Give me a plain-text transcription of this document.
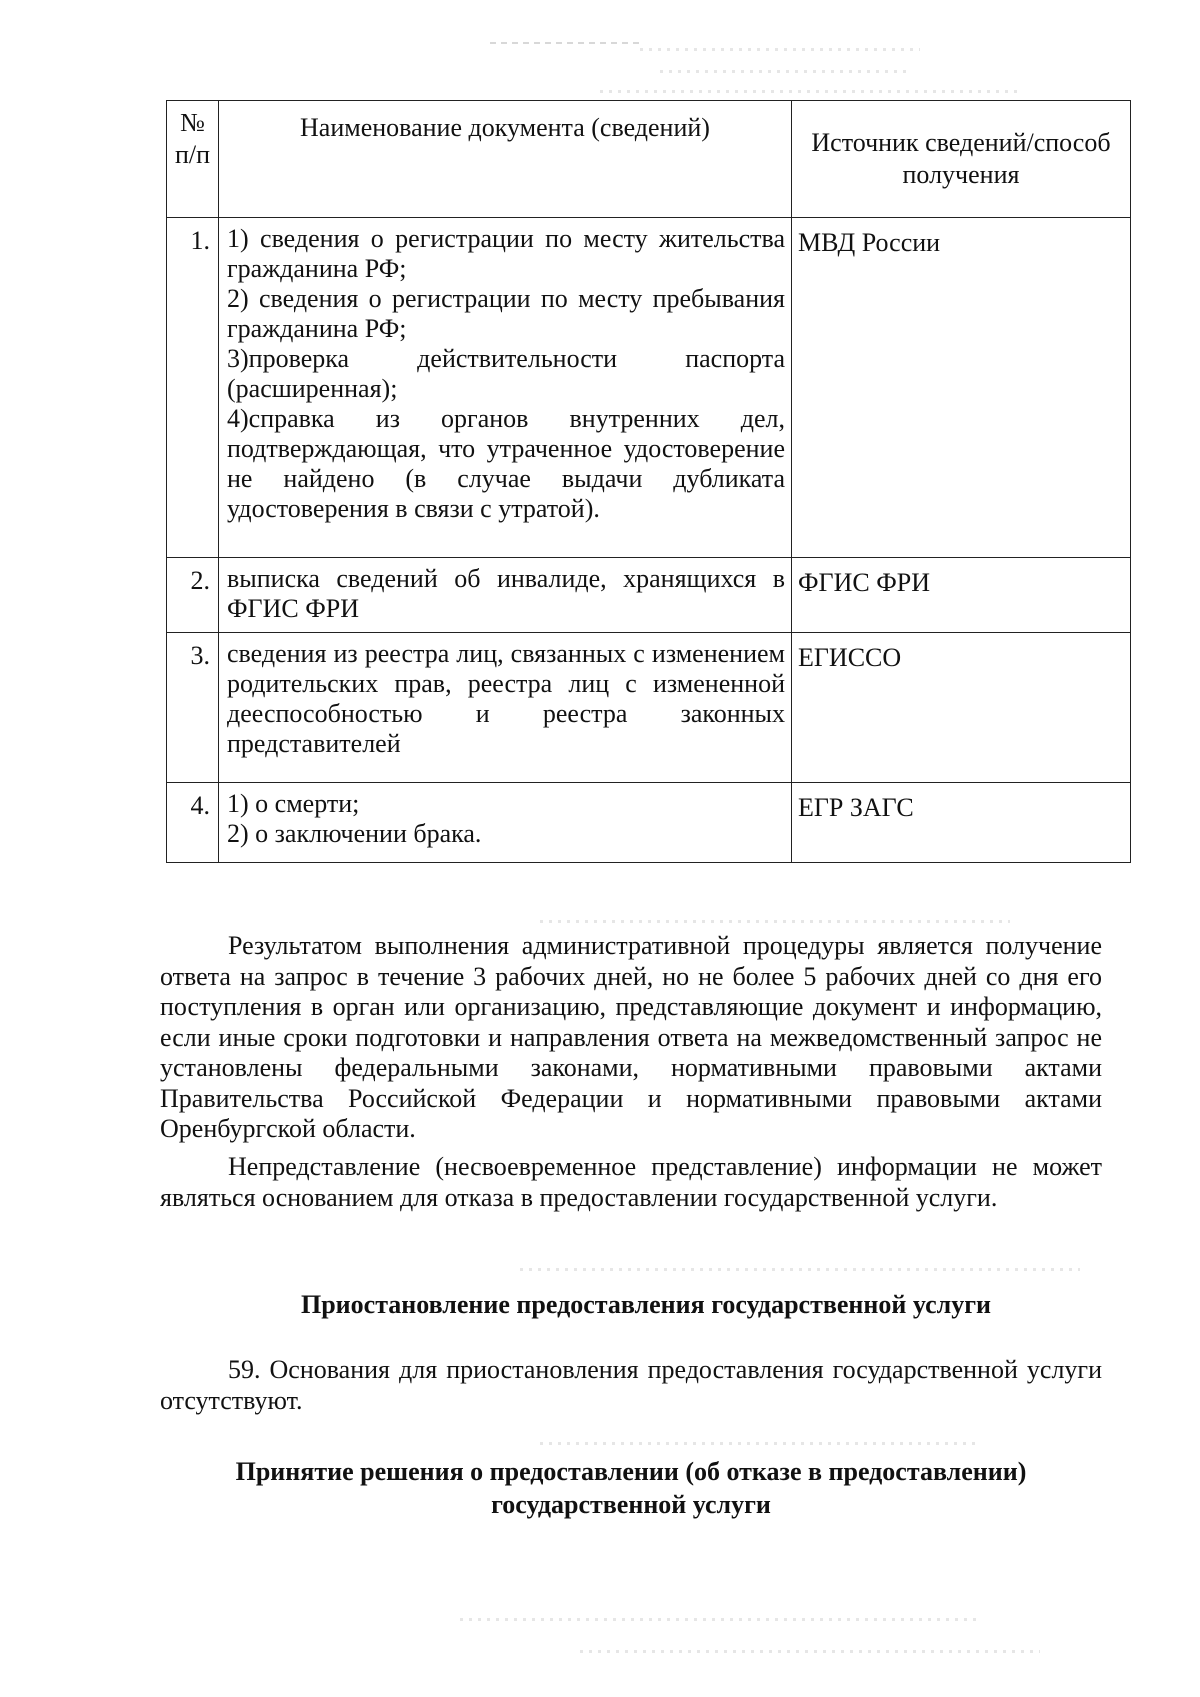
№ п/п	Наименование документа (сведений)	Источник сведений/способ получения
1.	1) сведения о регистрации по месту жительства гражданина РФ;

2) сведения о регистрации по месту пребывания гражданина РФ;

3)проверка действительности паспорта (расширенная);

4)справка из органов внутренних дел, подтверждающая, что утраченное удостоверение не найдено (в случае выдачи дубликата удостоверения в связи с утратой).	МВД России
2.	выписка сведений об инвалиде, хранящихся в ФГИС ФРИ	ФГИС ФРИ
3.	сведения из реестра лиц, связанных с изменением родительских прав, реестра лиц с измененной дееспособностью и реестра законных представителей	ЕГИССО
4.	1) о смерти;

2) о заключении брака.	ЕГР ЗАГС

Результатом выполнения административной процедуры является получение ответа на запрос в течение 3 рабочих дней, но не более 5 рабочих дней со дня его поступления в орган или организацию, представляющие документ и информацию, если иные сроки подготовки и направления ответа на межведомственный запрос не установлены федеральными законами, нормативными правовыми актами Правительства Российской Федерации и нормативными правовыми актами Оренбургской области.

Непредставление (несвоевременное представление) информации не может являться основанием для отказа в предоставлении государственной услуги.

Приостановление предоставления государственной услуги

59. Основания для приостановления предоставления государственной услуги отсутствуют.

Принятие решения о предоставлении (об отказе в предоставлении)
государственной услуги
